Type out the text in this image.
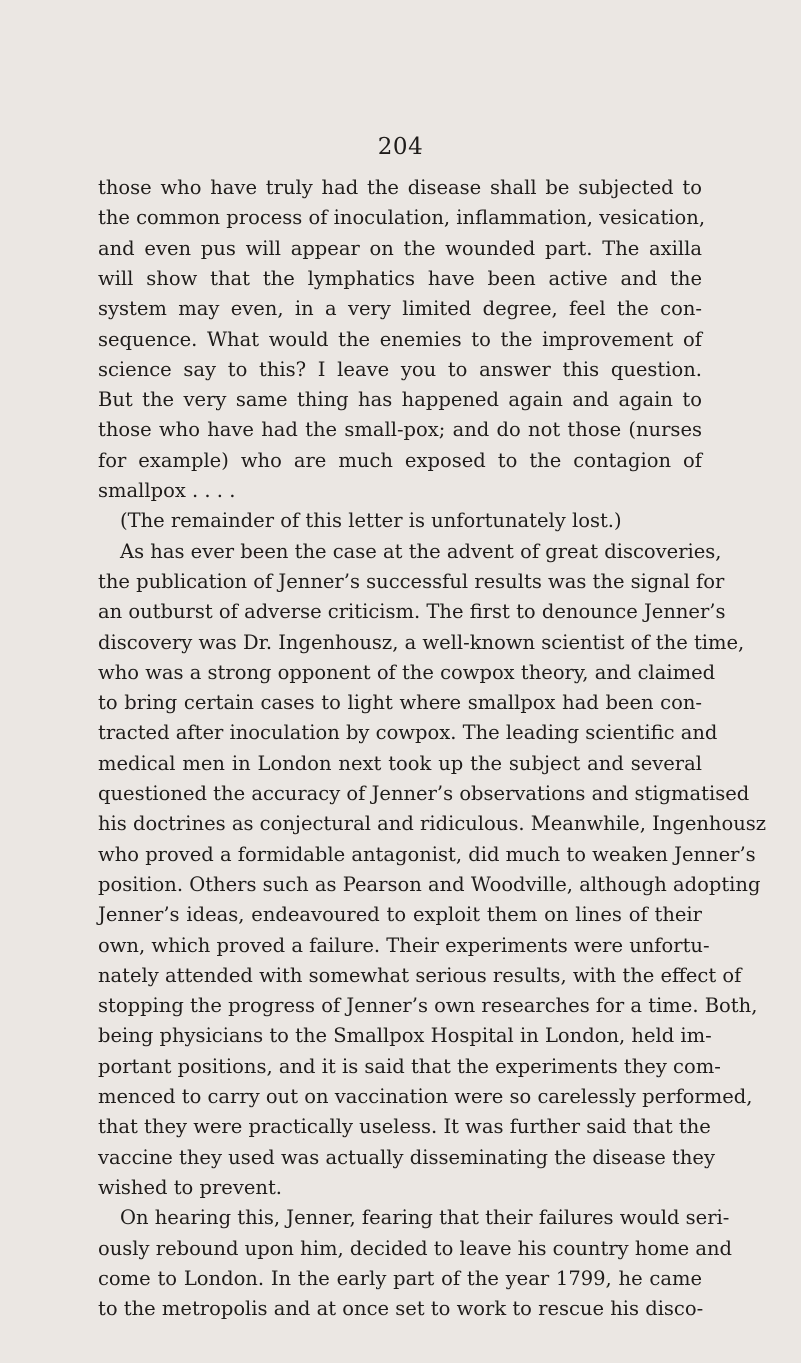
204
those who have truly had the disease shall be subjected to
the common process of inoculation, inflammation, vesication,
and even pus will appear on the wounded part. The axilla
will show that the lymphatics have been active and the
system may even, in a very limited degree, feel the con-
sequence. What would the enemies to the improvement of
science say to this? I leave you to answer this question.
But the very same thing has happened again and again to
those who have had the small-pox; and do not those (nurses
for example) who are much exposed to the contagion of
smallpox . . . .
(The remainder of this letter is unfortunately lost.)
As has ever been the case at the advent of great discoveries,
the publication of Jenner’s successful results was the signal for
an outburst of adverse criticism. The first to denounce Jenner’s
discovery was Dr. Ingenhousz, a well-known scientist of the time,
who was a strong opponent of the cowpox theory, and claimed
to bring certain cases to light where smallpox had been con-
tracted after inoculation by cowpox. The leading scientific and
medical men in London next took up the subject and several
questioned the accuracy of Jenner’s observations and stigmatised
his doctrines as conjectural and ridiculous. Meanwhile, Ingenhousz
who proved a formidable antagonist, did much to weaken Jenner’s
position. Others such as Pearson and Woodville, although adopting
Jenner’s ideas, endeavoured to exploit them on lines of their
own, which proved a failure. Their experiments were unfortu-
nately attended with somewhat serious results, with the effect of
stopping the progress of Jenner’s own researches for a time. Both,
being physicians to the Smallpox Hospital in London, held im-
portant positions, and it is said that the experiments they com-
menced to carry out on vaccination were so carelessly performed,
that they were practically useless. It was further said that the
vaccine they used was actually disseminating the disease they
wished to prevent.
On hearing this, Jenner, fearing that their failures would seri-
ously rebound upon him, decided to leave his country home and
come to London. In the early part of the year 1799, he came
to the metropolis and at once set to work to rescue his disco-
